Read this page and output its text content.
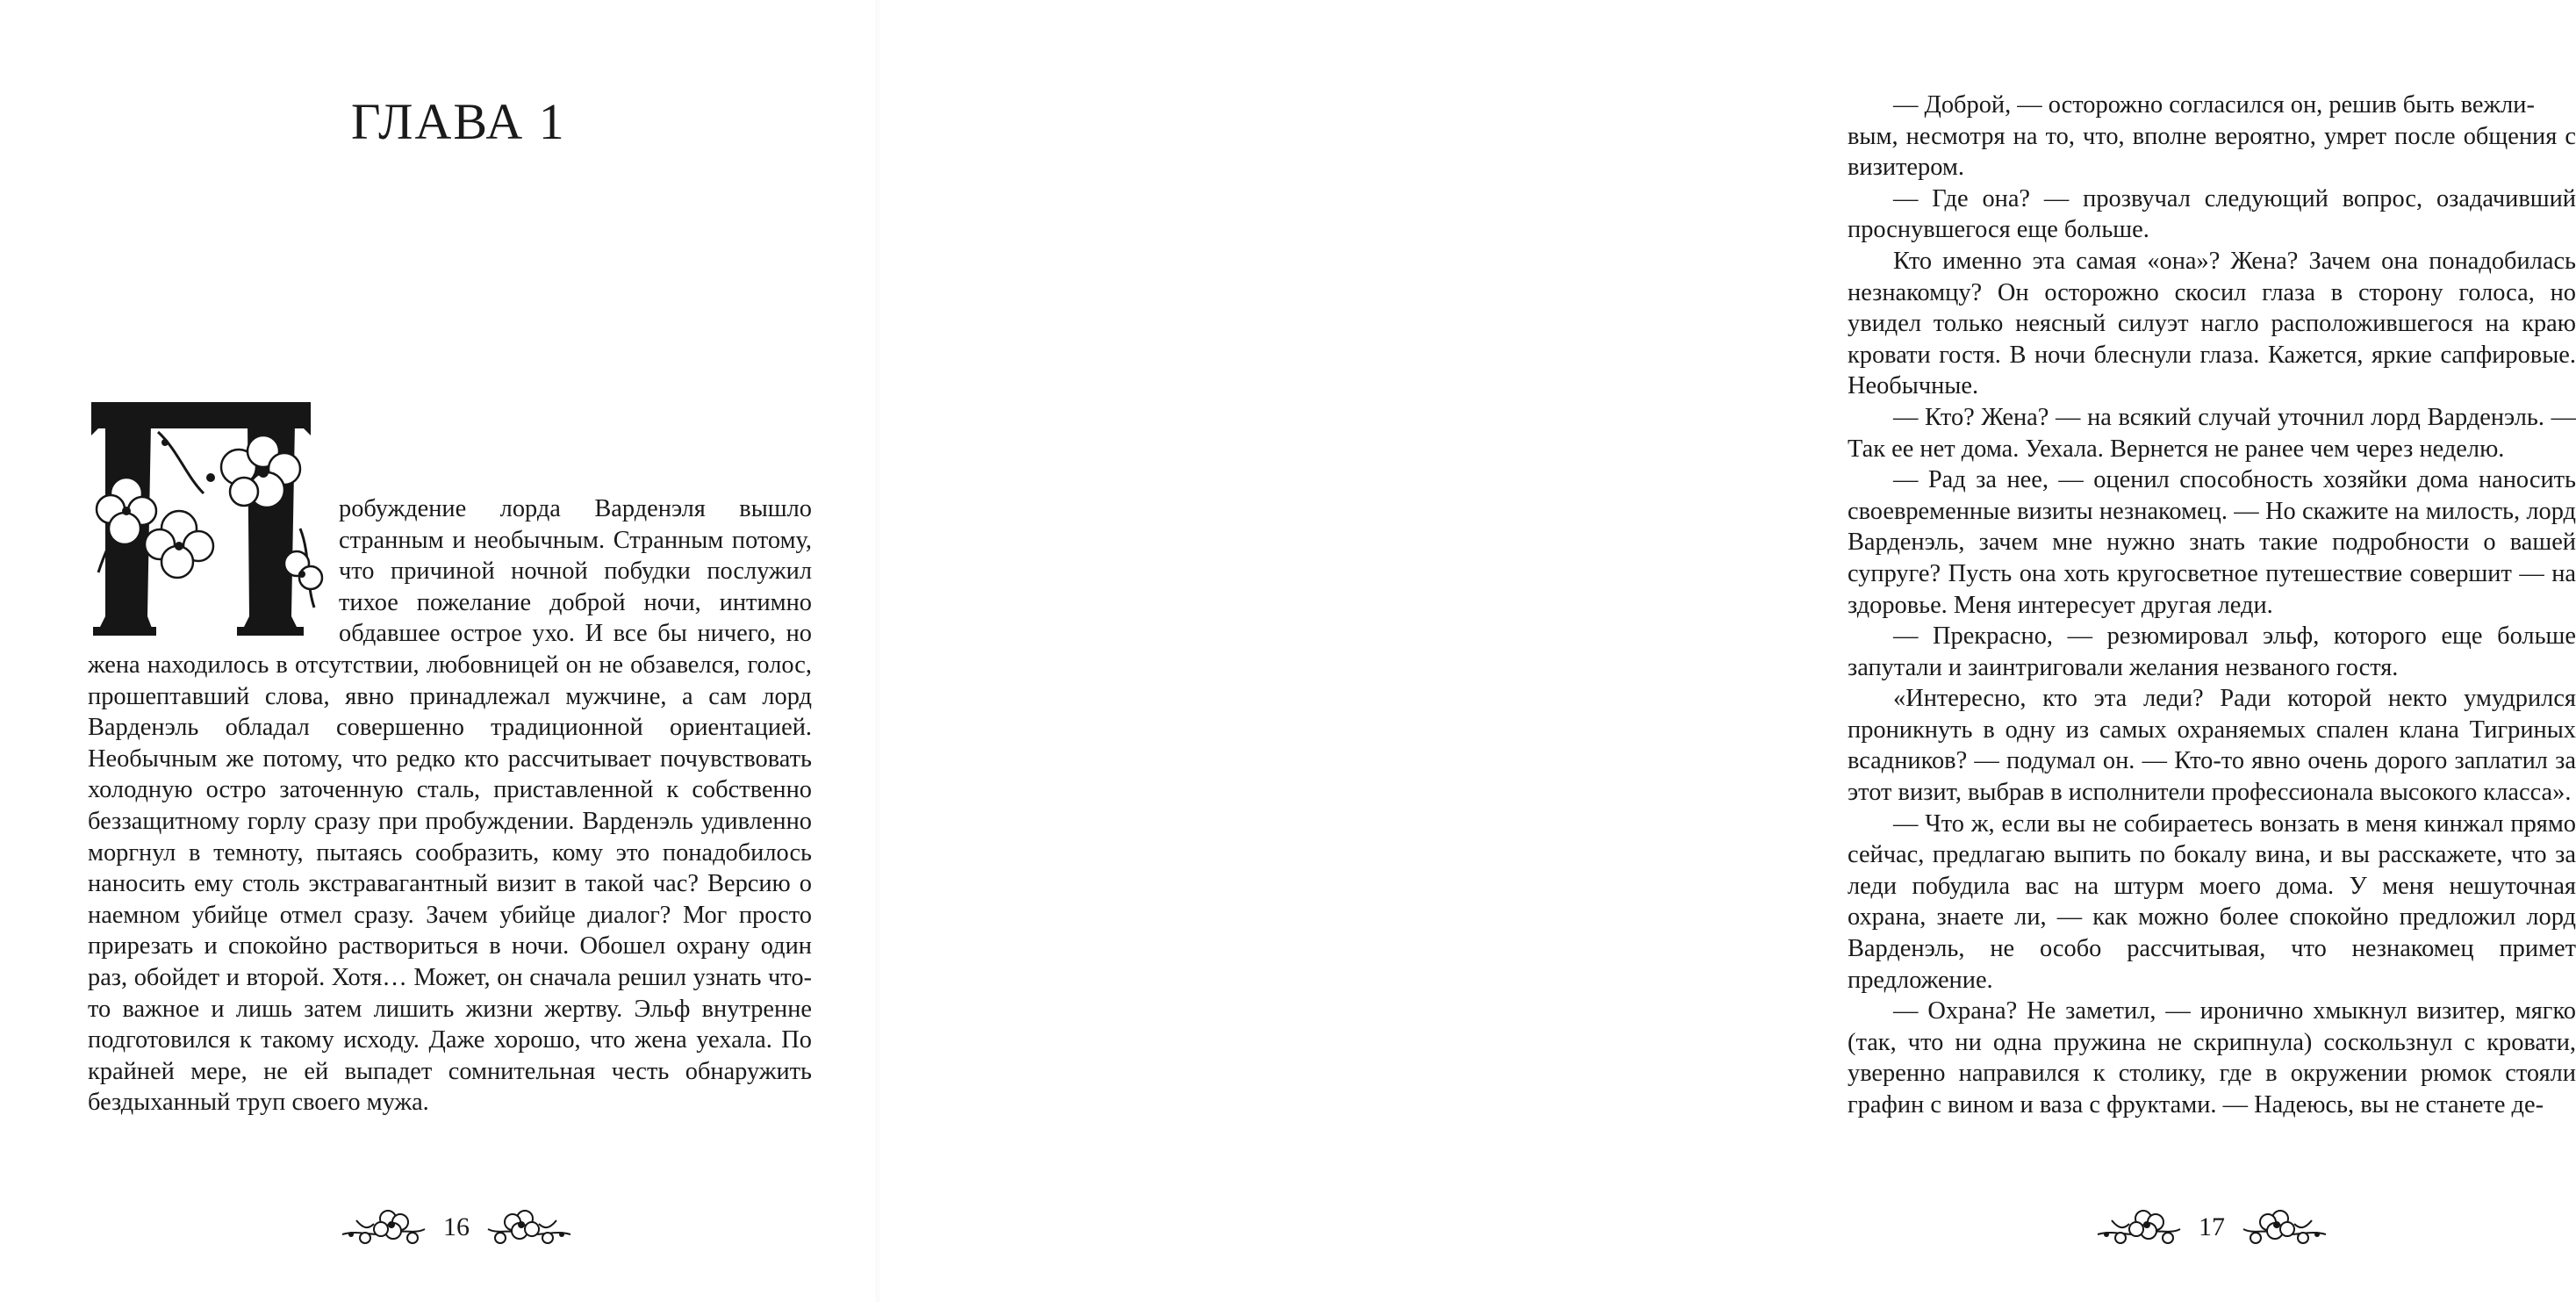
ГЛАВА 1

робуждение лорда Варденэля вышло странным и необычным. Странным потому, что причиной ночной побудки послужил тихое пожелание доброй ночи, интимно обдавшее острое ухо. И все бы ничего, но жена находилось в отсутствии, любовницей он не обзавелся, голос, прошептавший слова, явно принадлежал мужчине, а сам лорд Варденэль обладал совершенно традиционной ориентацией. Необычным же потому, что редко кто рассчитывает почувствовать холодную остро заточенную сталь, приставленной к собственно беззащитному горлу сразу при пробуждении. Варденэль удивленно моргнул в темноту, пытаясь сообразить, кому это понадобилось наносить ему столь экстравагантный визит в такой час? Версию о наемном убийце отмел сразу. Зачем убийце диалог? Мог просто прирезать и спокойно раствориться в ночи. Обошел охрану один раз, обойдет и второй. Хотя… Может, он сначала решил узнать что-то важное и лишь затем лишить жизни жертву. Эльф внутренне подготовился к такому исходу. Даже хорошо, что жена уехала. По крайней мере, не ей выпадет сомнительная честь обнаружить бездыханный труп своего мужа.

16

— Доброй, — осторожно согласился он, решив быть вежли-

вым, несмотря на то, что, вполне вероятно, умрет после общения с визитером.

— Где она? — прозвучал следующий вопрос, озадачивший проснувшегося еще больше.

Кто именно эта самая «она»? Жена? Зачем она понадобилась незнакомцу? Он осторожно скосил глаза в сторону голоса, но увидел только неясный силуэт нагло расположившегося на краю кровати гостя. В ночи блеснули глаза. Кажется, яркие сапфировые. Необычные.

— Кто? Жена? — на всякий случай уточнил лорд Варденэль. — Так ее нет дома. Уехала. Вернется не ранее чем через неделю.

— Рад за нее, — оценил способность хозяйки дома наносить своевременные визиты незнакомец. — Но скажите на милость, лорд Варденэль, зачем мне нужно знать такие подробности о вашей супруге? Пусть она хоть кругосветное путешествие совершит — на здоровье. Меня интересует другая леди.

— Прекрасно, — резюмировал эльф, которого еще больше запутали и заинтриговали желания незваного гостя.

«Интересно, кто эта леди? Ради которой некто умудрился проникнуть в одну из самых охраняемых спален клана Тигриных всадников? — подумал он. — Кто-то явно очень дорого заплатил за этот визит, выбрав в исполнители профессионала высокого класса».

— Что ж, если вы не собираетесь вонзать в меня кинжал прямо сейчас, предлагаю выпить по бокалу вина, и вы расскажете, что за леди побудила вас на штурм моего дома. У меня нешуточная охрана, знаете ли, — как можно более спокойно предложил лорд Варденэль, не особо рассчитывая, что незнакомец примет предложение.

— Охрана? Не заметил, — иронично хмыкнул визитер, мягко (так, что ни одна пружина не скрипнула) соскользнул с кровати, уверенно направился к столику, где в окружении рюмок стояли графин с вином и ваза с фруктами. — Надеюсь, вы не станете де-

17
